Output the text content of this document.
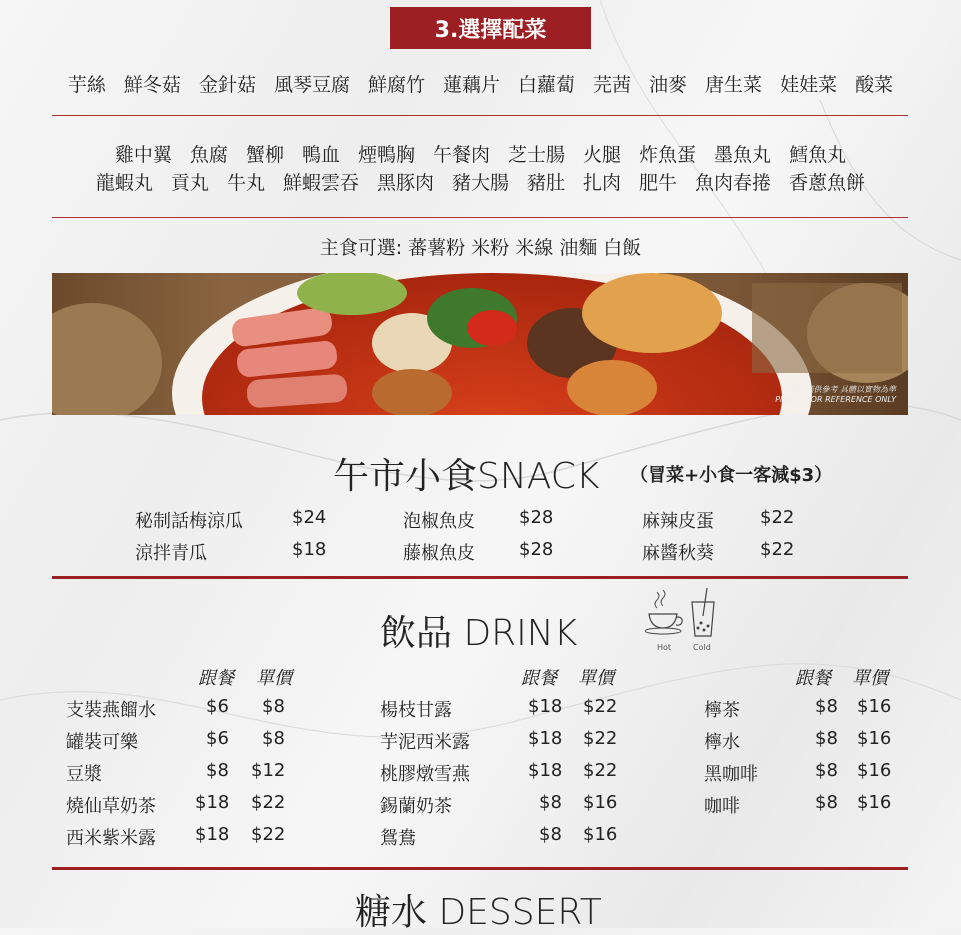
3.選擇配菜
芋絲 鮮冬菇 金針菇 風琴豆腐 鮮腐竹 蓮藕片 白蘿蔔 芫茜 油麥 唐生菜 娃娃菜 酸菜
雞中翼 魚腐 蟹柳 鴨血 煙鴨胸 午餐肉 芝士腸 火腿 炸魚蛋 墨魚丸 鱈魚丸
龍蝦丸 貢丸 牛丸 鮮蝦雲吞 黑豚肉 豬大腸 豬肚 扎肉 肥牛 魚肉春捲 香蔥魚餅
主食可選: 蕃薯粉 米粉 米線 油麵 白飯
圖片僅供參考 具體以實物為準
PHOTO FOR REFERENCE ONLY
午市小食SNACK （冒菜+小食一客減$3）
秘制話梅涼瓜	$24
涼拌青瓜	$18
泡椒魚皮 $28
藤椒魚皮 $28
麻辣皮蛋	$22
麻醬秋葵	$22
飲品 DRINK	Hot	Cold
跟餐 單價	跟餐 單價	跟餐 單價
支裝燕餾水	$6 $8
罐裝可樂	$6 $8
豆漿	$8 $12
燒仙草奶茶 $18 $22
西米紫米露 $18 $22
楊枝甘露	$18 $22
芋泥西米露	$18 $22
桃膠燉雪燕	$18 $22
錫蘭奶茶	$8 $16
鴛鴦	$8 $16
檸茶	$8 $16
檸水	$8 $16
黑咖啡	$8 $16
咖啡	$8 $16
糖水 DESSERT
